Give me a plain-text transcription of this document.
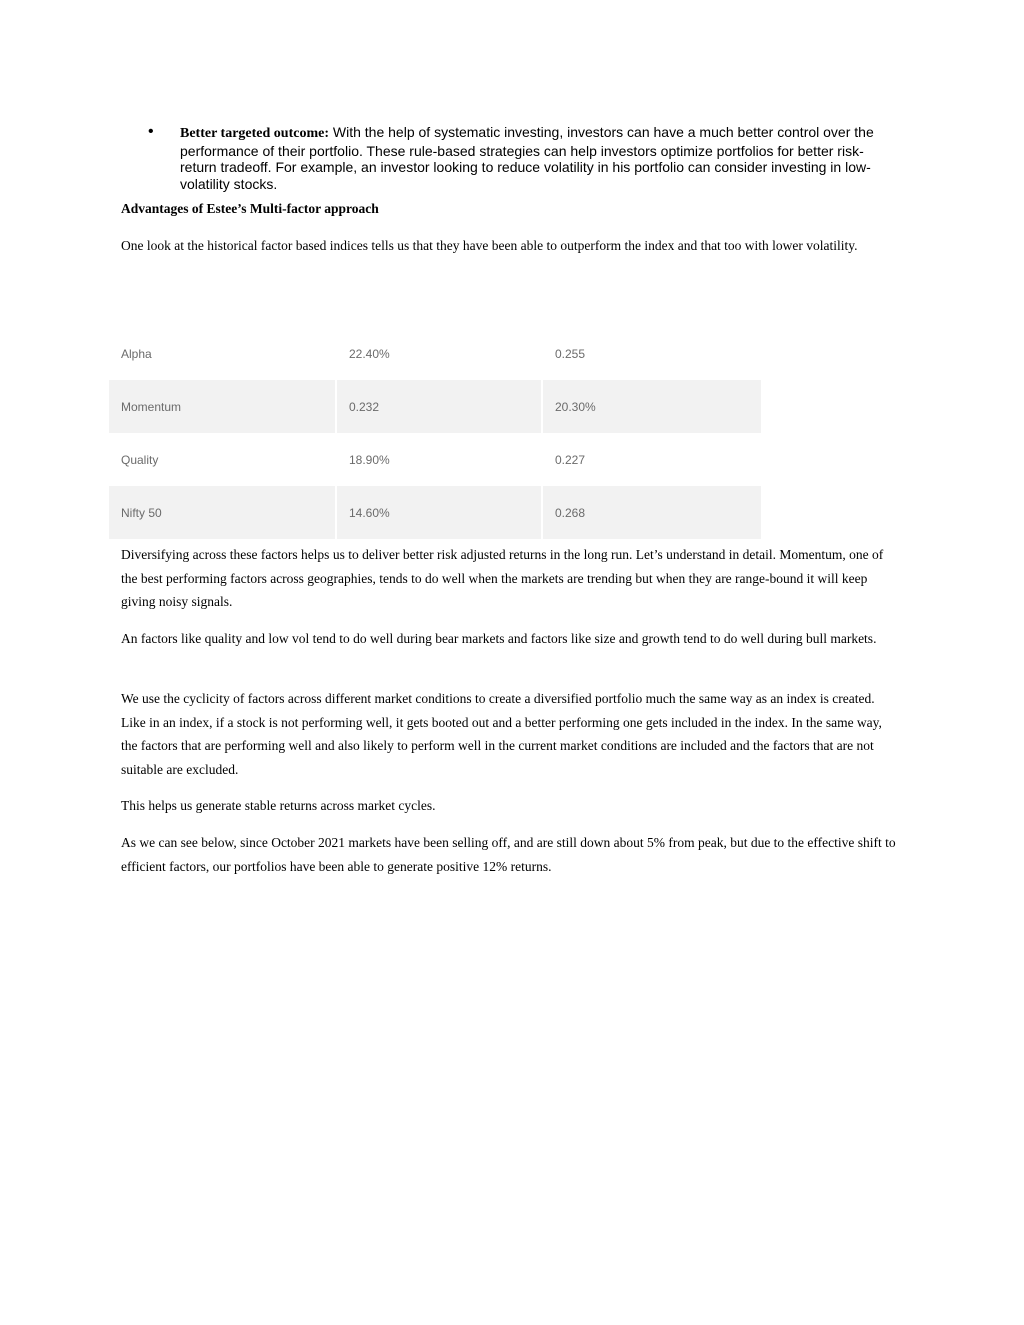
• Better targeted outcome: With the help of systematic investing, investors can have a much better control over the performance of their portfolio. These rule-based strategies can help investors optimize portfolios for better risk-return tradeoff. For example, an investor looking to reduce volatility in his portfolio can consider investing in low-volatility stocks.
Advantages of Estee’s Multi-factor approach
One look at the historical factor based indices tells us that they have been able to outperform the index and that too with lower volatility.
Alpha	22.40%	0.255
Momentum	0.232	20.30%
Quality	18.90%	0.227
Nifty 50	14.60%	0.268
Diversifying across these factors helps us to deliver better risk adjusted returns in the long run. Let’s understand in detail. Momentum, one of the best performing factors across geographies, tends to do well when the markets are trending but when they are range-bound it will keep giving noisy signals.
An factors like quality and low vol tend to do well during bear markets and factors like size and growth tend to do well during bull markets.
We use the cyclicity of factors across different market conditions to create a diversified portfolio much the same way as an index is created. Like in an index, if a stock is not performing well, it gets booted out and a better performing one gets included in the index. In the same way, the factors that are performing well and also likely to perform well in the current market conditions are included and the factors that are not suitable are excluded.
This helps us generate stable returns across market cycles.
As we can see below, since October 2021 markets have been selling off, and are still down about 5% from peak, but due to the effective shift to efficient factors, our portfolios have been able to generate positive 12% returns.
